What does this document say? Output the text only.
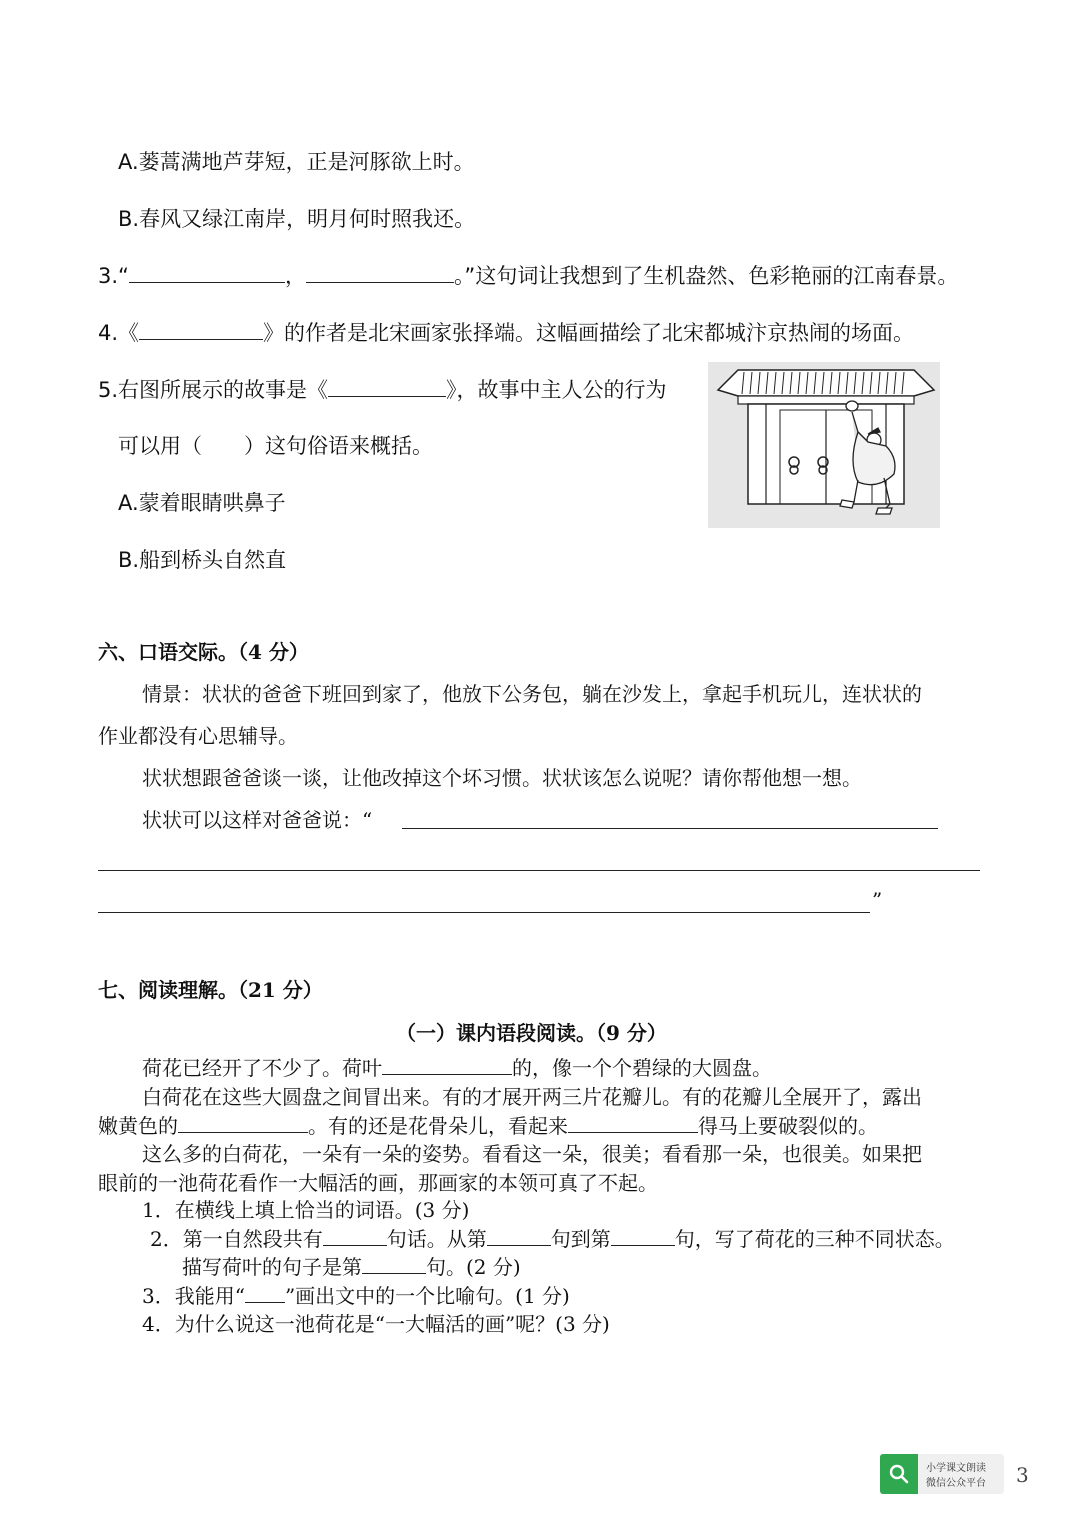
A.蒌蒿满地芦芽短，正是河豚欲上时。
B.春风又绿江南岸，明月何时照我还。
3.“	，	。”这句词让我想到了生机盎然、色彩艳丽的江南春景。
4.《	》的作者是北宋画家张择端。这幅画描绘了北宋都城汴京热闹的场面。
5.右图所展示的故事是《	》，故事中主人公的行为
可以用（　　）这句俗语来概括。
A.蒙着眼睛哄鼻子
B.船到桥头自然直
六、口语交际。（4 分）
情景：状状的爸爸下班回到家了，他放下公务包，躺在沙发上，拿起手机玩儿，连状状的
作业都没有心思辅导。
状状想跟爸爸谈一谈，让他改掉这个坏习惯。状状该怎么说呢？请你帮他想一想。
状状可以这样对爸爸说：“
”
七、阅读理解。（21 分）
（一）课内语段阅读。（9 分）
荷花已经开了不少了。荷叶	的，像一个个碧绿的大圆盘。
白荷花在这些大圆盘之间冒出来。有的才展开两三片花瓣儿。有的花瓣儿全展开了，露出
嫩黄色的	。有的还是花骨朵儿，看起来	得马上要破裂似的。
这么多的白荷花，一朵有一朵的姿势。看看这一朵，很美；看看那一朵，也很美。如果把
眼前的一池荷花看作一大幅活的画，那画家的本领可真了不起。
1．在横线上填上恰当的词语。(3 分)
2．第一自然段共有	句话。从第	句到第	句，写了荷花的三种不同状态。
描写荷叶的句子是第	句。(2 分)
3．我能用“ ”画出文中的一个比喻句。(1 分)
4．为什么说这一池荷花是“一大幅活的画”呢？(3 分)
小学课文朗读
微信公众平台 3
